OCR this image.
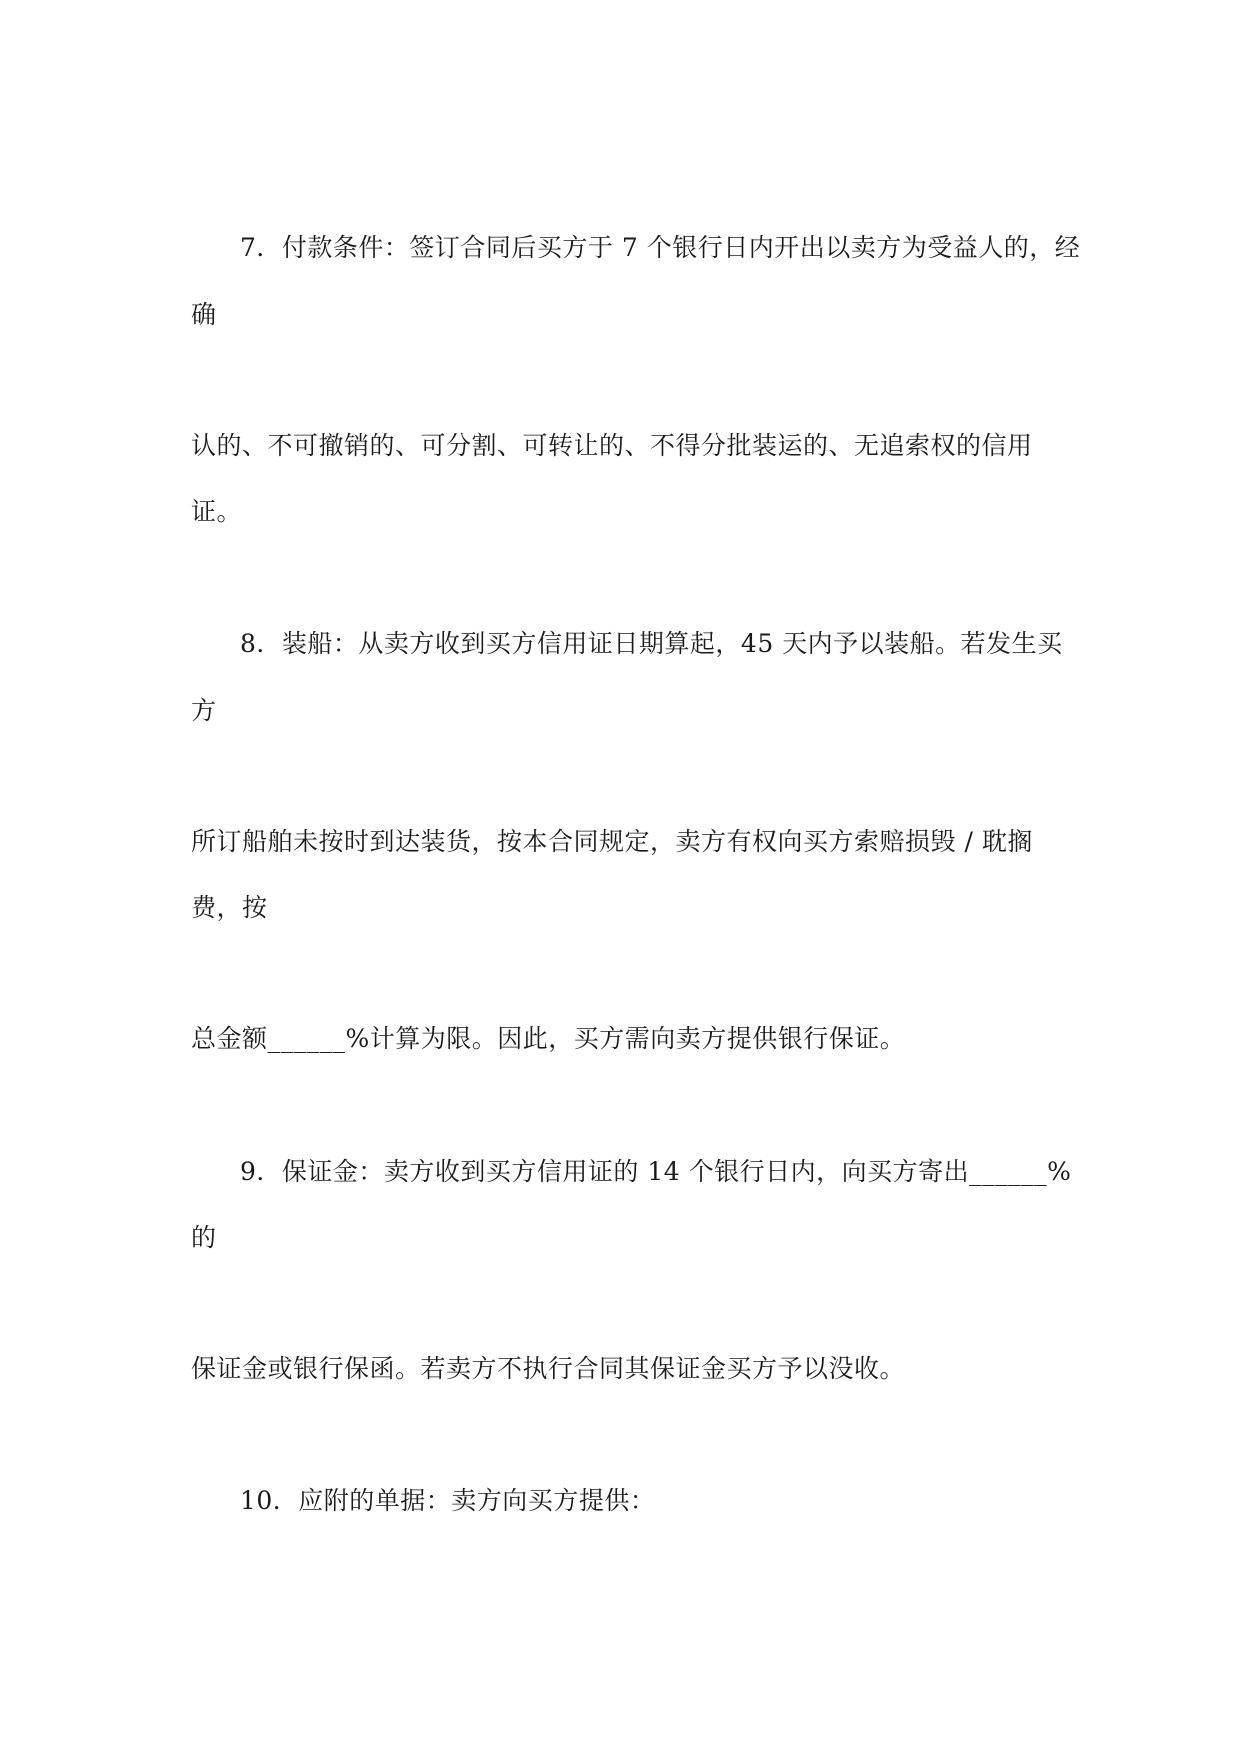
7．付款条件：签订合同后买方于 7 个银行日内开出以卖方为受益人的，经
确
认的、不可撤销的、可分割、可转让的、不得分批装运的、无追索权的信用
证。
8．装船：从卖方收到买方信用证日期算起，45 天内予以装船。若发生买
方
所订船舶未按时到达装货，按本合同规定，卖方有权向买方索赔损毁 / 耽搁
费，按
总金额______%计算为限。因此，买方需向卖方提供银行保证。
9．保证金：卖方收到买方信用证的 14 个银行日内，向买方寄出______%
的
保证金或银行保函。若卖方不执行合同其保证金买方予以没收。
10．应附的单据：卖方向买方提供：
